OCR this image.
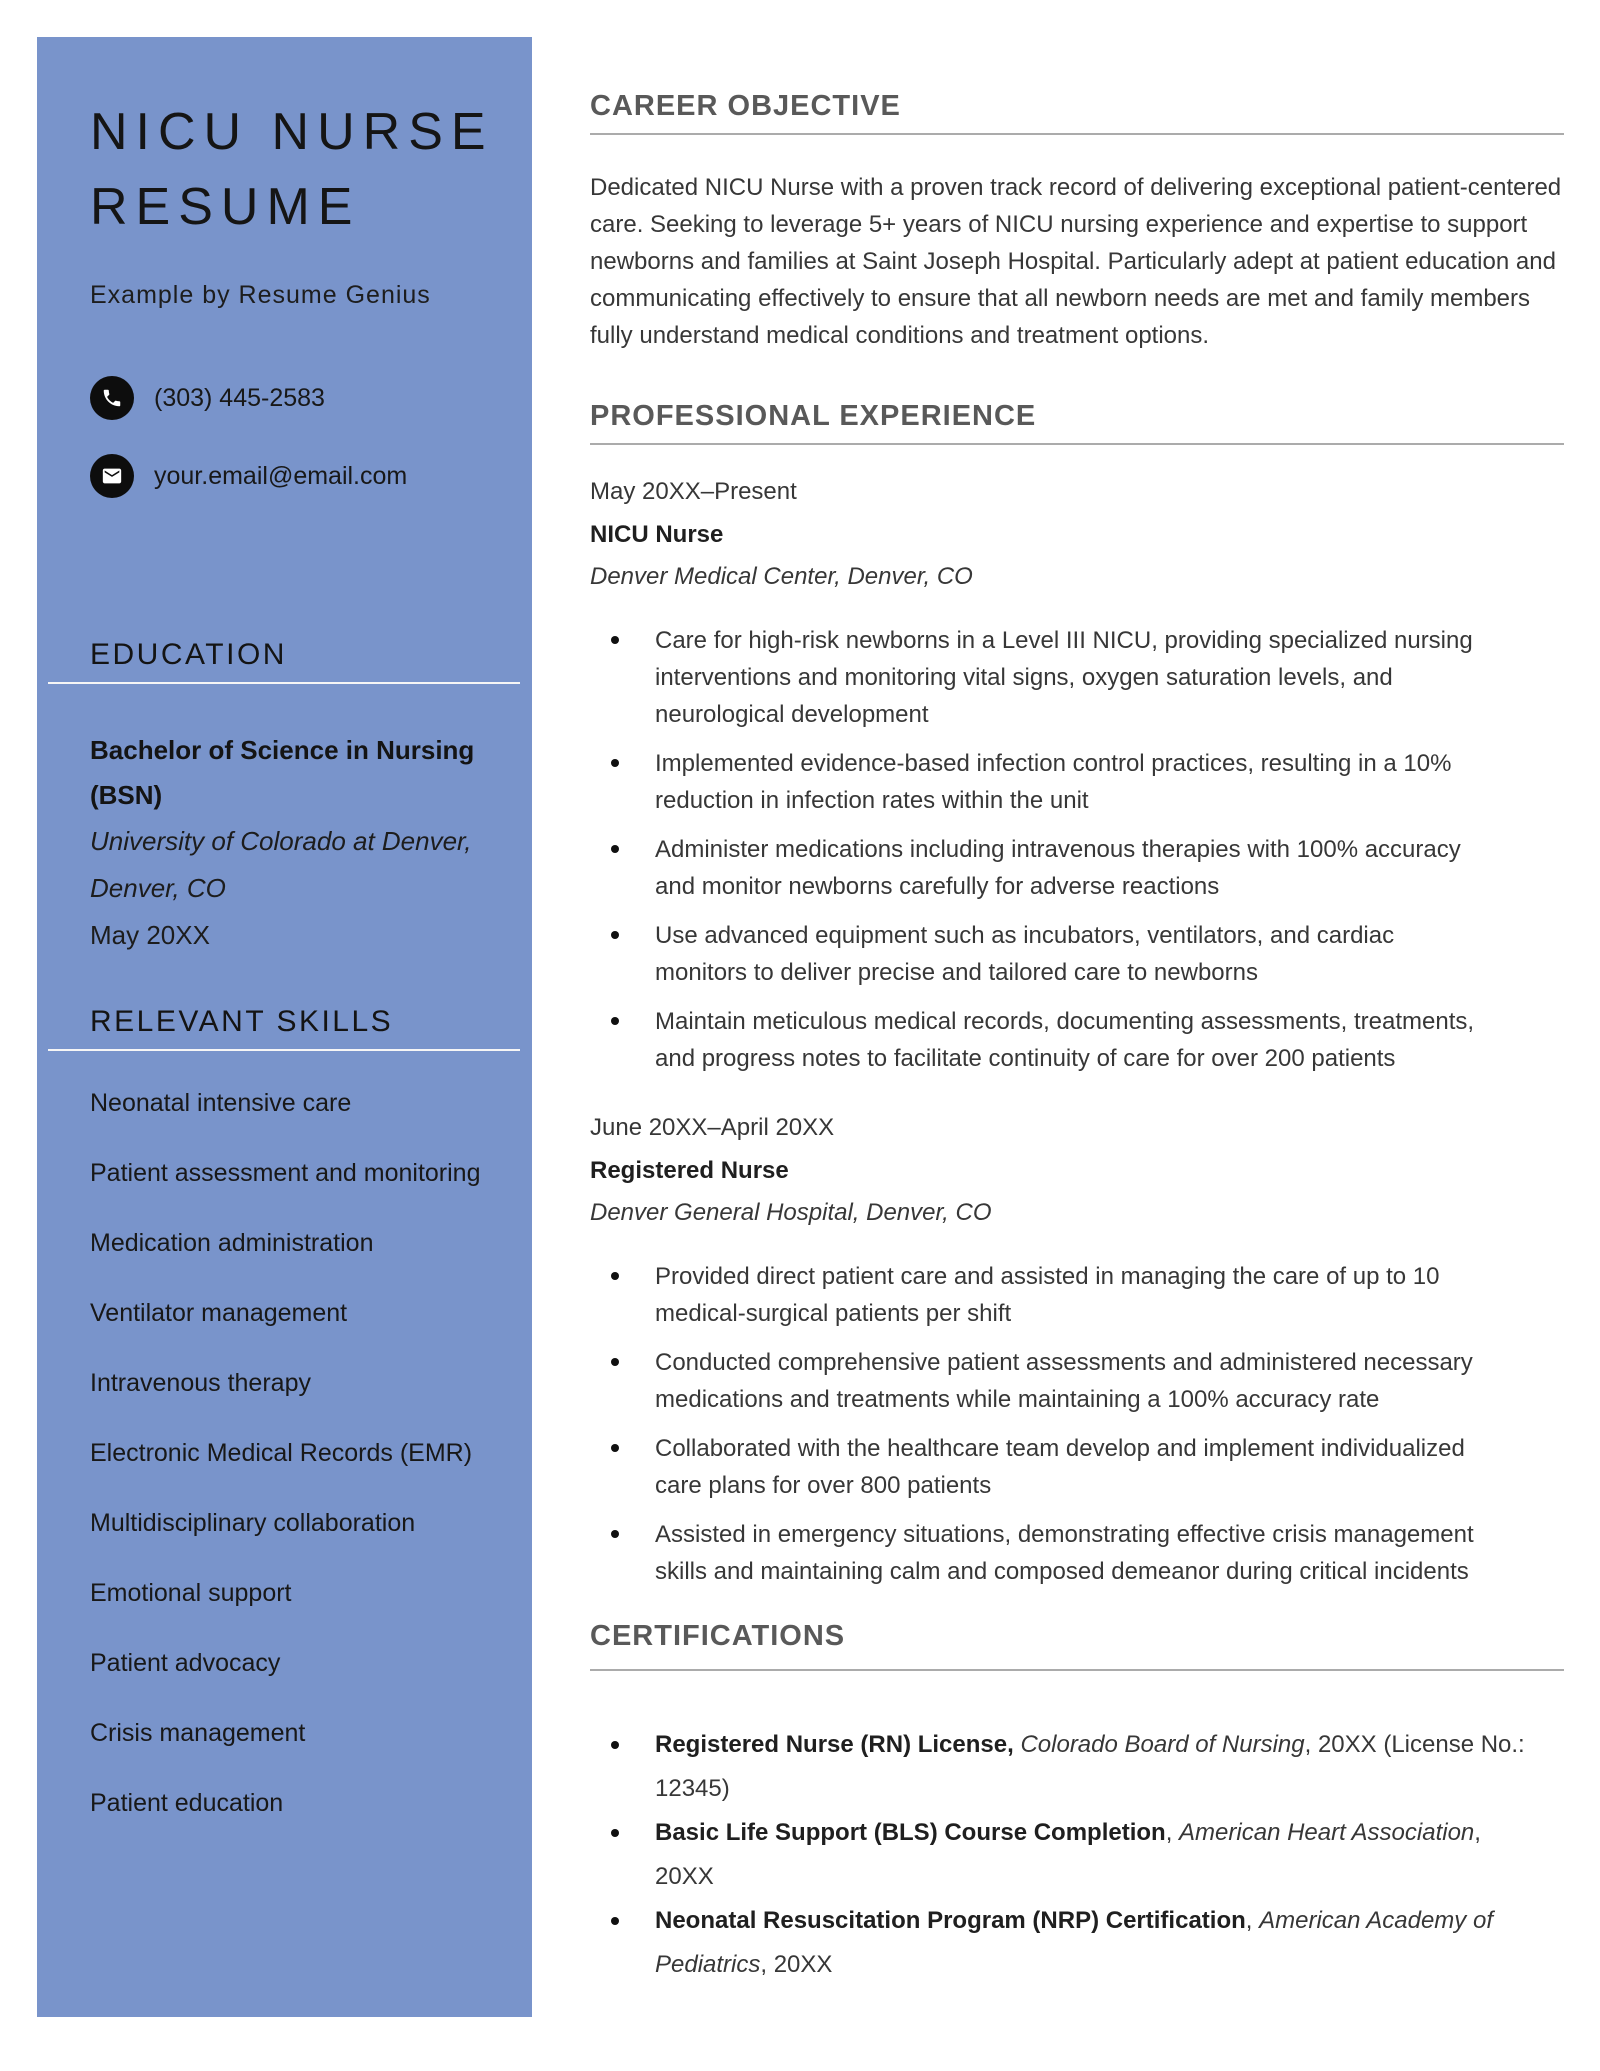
NICU NURSE
RESUME
Example by Resume Genius
(303) 445-2583
your.email@email.com
EDUCATION
Bachelor of Science in Nursing
(BSN)
University of Colorado at Denver,
Denver, CO
May 20XX
RELEVANT SKILLS
Neonatal intensive care
Patient assessment and monitoring
Medication administration
Ventilator management
Intravenous therapy
Electronic Medical Records (EMR)
Multidisciplinary collaboration
Emotional support
Patient advocacy
Crisis management
Patient education
CAREER OBJECTIVE

Dedicated NICU Nurse with a proven track record of delivering exceptional patient-centered care. Seeking to leverage 5+ years of NICU nursing experience and expertise to support newborns and families at Saint Joseph Hospital. Particularly adept at patient education and communicating effectively to ensure that all newborn needs are met and family members fully understand medical conditions and treatment options.

PROFESSIONAL EXPERIENCE
May 20XX–Present
NICU Nurse
Denver Medical Center, Denver, CO
Care for high-risk newborns in a Level III NICU, providing specialized nursing interventions and monitoring vital signs, oxygen saturation levels, and neurological development
Implemented evidence-based infection control practices, resulting in a 10% reduction in infection rates within the unit
Administer medications including intravenous therapies with 100% accuracy and monitor newborns carefully for adverse reactions
Use advanced equipment such as incubators, ventilators, and cardiac monitors to deliver precise and tailored care to newborns
Maintain meticulous medical records, documenting assessments, treatments, and progress notes to facilitate continuity of care for over 200 patients
June 20XX–April 20XX
Registered Nurse
Denver General Hospital, Denver, CO
Provided direct patient care and assisted in managing the care of up to 10 medical-surgical patients per shift
Conducted comprehensive patient assessments and administered necessary medications and treatments while maintaining a 100% accuracy rate
Collaborated with the healthcare team develop and implement individualized care plans for over 800 patients
Assisted in emergency situations, demonstrating effective crisis management skills and maintaining calm and composed demeanor during critical incidents
CERTIFICATIONS
Registered Nurse (RN) License, Colorado Board of Nursing, 20XX (License No.: 12345)
Basic Life Support (BLS) Course Completion, American Heart Association, 20XX
Neonatal Resuscitation Program (NRP) Certification, American Academy of Pediatrics, 20XX
